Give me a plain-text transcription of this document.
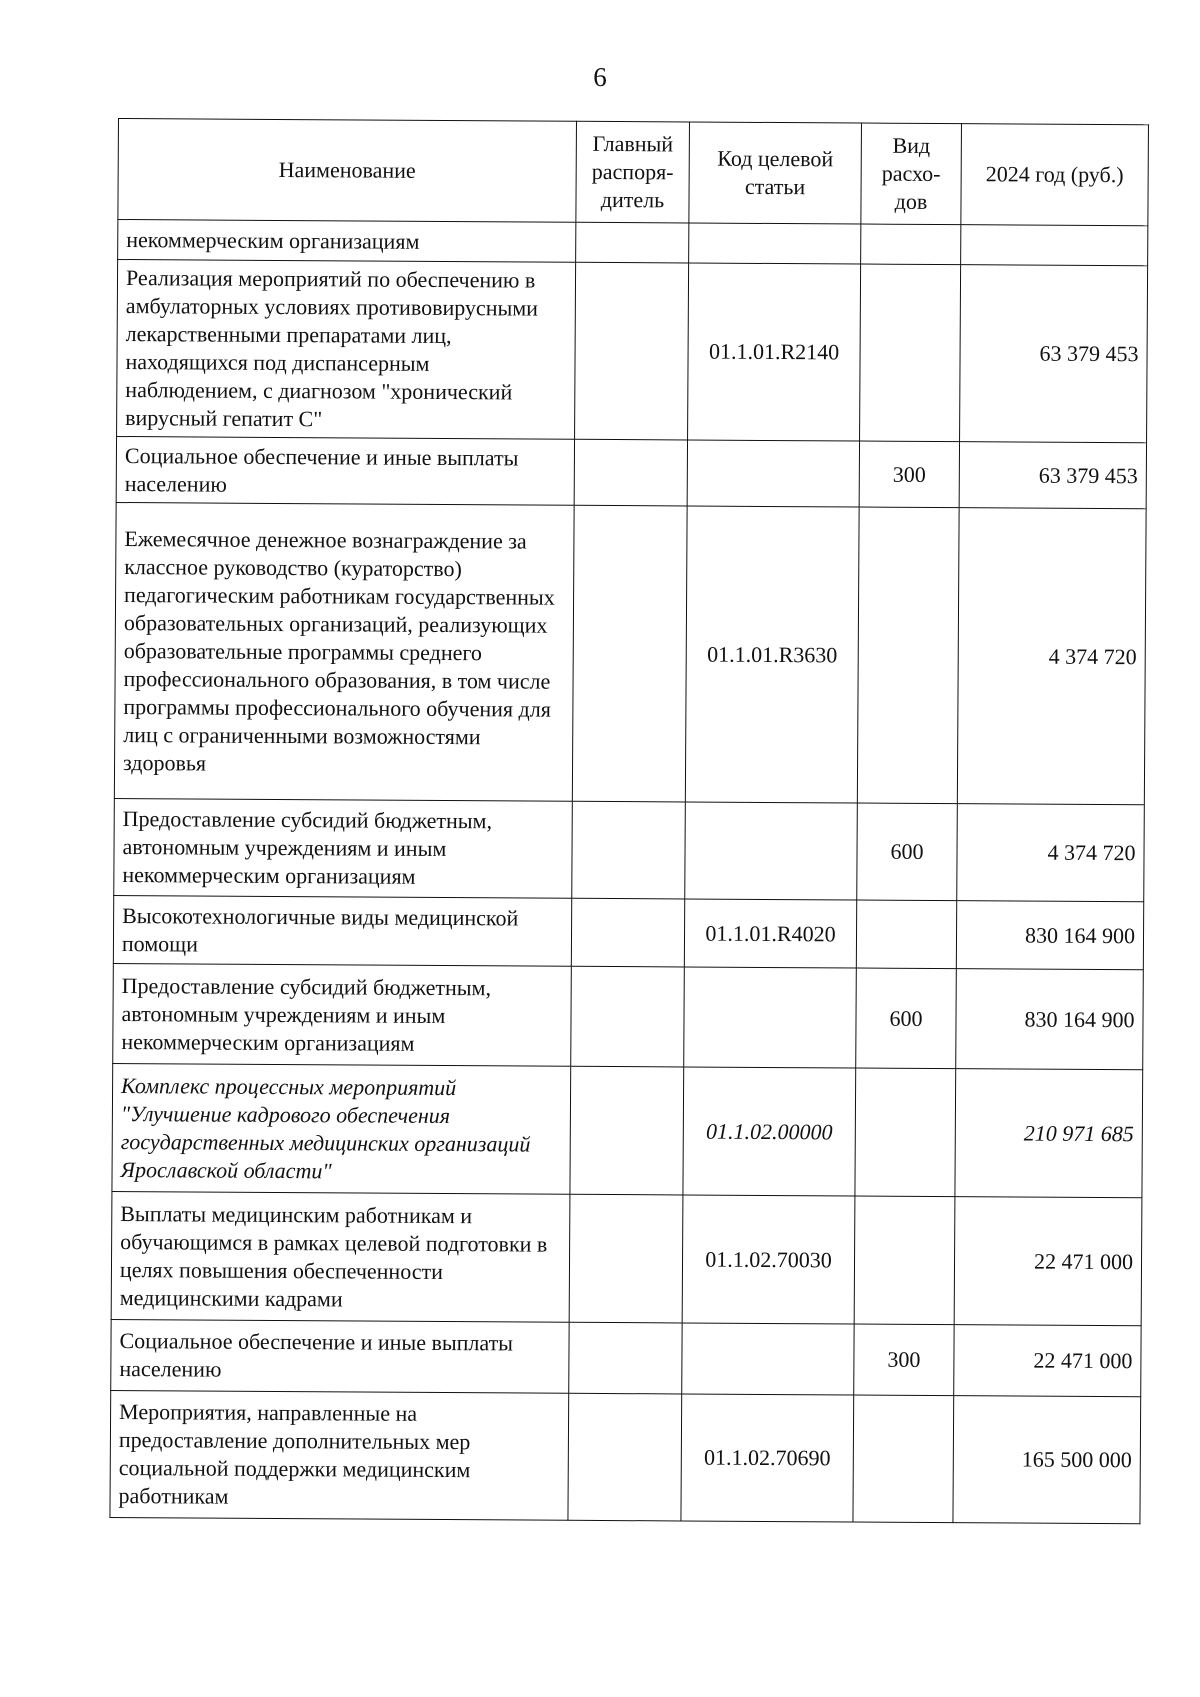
6
Наименование	Главный распоря-дитель	Код целевой статьи	Вид расхо-дов	2024 год (руб.)
некоммерческим организациям				
Реализация мероприятий по обеспечению в амбулаторных условиях противовирусными лекарственными препаратами лиц, находящихся под диспансерным наблюдением, с диагнозом "хронический вирусный гепатит С"		01.1.01.R2140		63 379 453
Социальное обеспечение и иные выплаты населению			300	63 379 453
Ежемесячное денежное вознаграждение за классное руководство (кураторство) педагогическим работникам государственных образовательных организаций, реализующих образовательные программы среднего профессионального образования, в том числе программы профессионального обучения для лиц с ограниченными возможностями здоровья		01.1.01.R3630		4 374 720
Предоставление субсидий бюджетным, автономным учреждениям и иным некоммерческим организациям			600	4 374 720
Высокотехнологичные виды медицинской помощи		01.1.01.R4020		830 164 900
Предоставление субсидий бюджетным, автономным учреждениям и иным некоммерческим организациям			600	830 164 900
Комплекс процессных мероприятий "Улучшение кадрового обеспечения государственных медицинских организаций Ярославской области"		01.1.02.00000		210 971 685
Выплаты медицинским работникам и обучающимся в рамках целевой подготовки в целях повышения обеспеченности медицинскими кадрами		01.1.02.70030		22 471 000
Социальное обеспечение и иные выплаты населению			300	22 471 000
Мероприятия, направленные на предоставление дополнительных мер социальной поддержки медицинским работникам		01.1.02.70690		165 500 000
